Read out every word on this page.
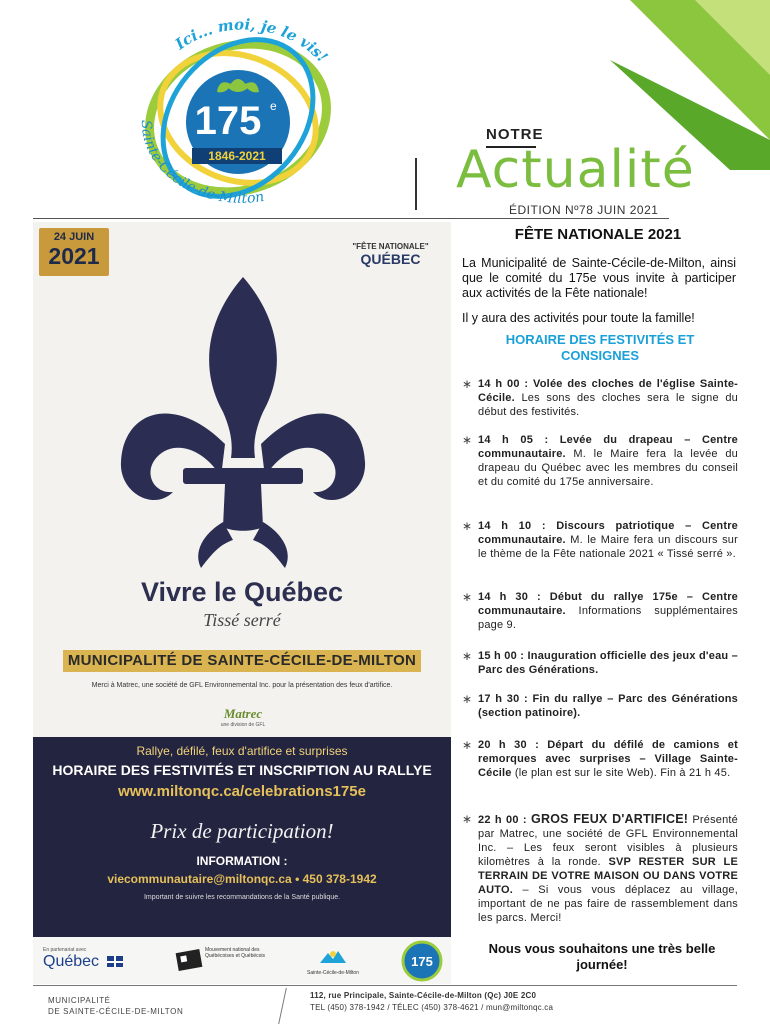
175 e
1846-2021
Ici... moi, je le vis!
Sainte-Cécile-de-Milton
NOTRE
Actualité
ÉDITION Nº78 JUIN 2021
24 JUIN
2021	"FÊTE NATIONALE"
QUÉBEC
Vivre le Québec
Tissé serré
MUNICIPALITÉ DE SAINTE-CÉCILE-DE-MILTON
Merci à Matrec, une société de GFL Environnemental Inc. pour la présentation des feux d'artifice.
Matrec
une division de GFL
Rallye, défilé, feux d'artifice et surprises
HORAIRE DES FESTIVITÉS ET INSCRIPTION AU RALLYE
www.miltonqc.ca/celebrations175e
Prix de participation!
INFORMATION :
viecommunautaire@miltonqc.ca • 450 378-1942
Important de suivre les recommandations de la Santé publique.
En partenariat avec
Québec
Mouvement national des Québécoises et Québécois
Sainte-Cécile-de-Milton
175
FÊTE NATIONALE 2021
La Municipalité de Sainte-Cécile-de-Milton, ainsi que le comité du 175e vous invite à participer aux activités de la Fête nationale!
Il y aura des activités pour toute la famille!
HORAIRE DES FESTIVITÉS ET CONSIGNES
∗ 14 h 00 : Volée des cloches de l'église Sainte-Cécile. Les sons des cloches sera le signe du début des festivités.
∗ 14 h 05 : Levée du drapeau – Centre communautaire. M. le Maire fera la levée du drapeau du Québec avec les membres du conseil et du comité du 175e anniversaire.
∗ 14 h 10 : Discours patriotique – Centre communautaire. M. le Maire fera un discours sur le thème de la Fête nationale 2021 « Tissé serré ».
∗ 14 h 30 : Début du rallye 175e – Centre communautaire. Informations supplémentaires page 9.
∗ 15 h 00 : Inauguration officielle des jeux d'eau – Parc des Générations.
∗ 17 h 30 : Fin du rallye – Parc des Générations (section patinoire).
∗ 20 h 30 : Départ du défilé de camions et remorques avec surprises – Village Sainte-Cécile (le plan est sur le site Web). Fin à 21 h 45.
∗ 22 h 00 : GROS FEUX D'ARTIFICE! Présenté par Matrec, une société de GFL Environnemental Inc. – Les feux seront visibles à plusieurs kilomètres à la ronde. SVP RESTER SUR LE TERRAIN DE VOTRE MAISON OU DANS VOTRE AUTO. – Si vous vous déplacez au village, important de ne pas faire de rassemblement dans les parcs. Merci!
Nous vous souhaitons une très belle journée!
MUNICIPALITÉ
DE SAINTE-CÉCILE-DE-MILTON
112, rue Principale, Sainte-Cécile-de-Milton (Qc) J0E 2C0
TEL (450) 378-1942 / TÉLEC (450) 378-4621 / mun@miltonqc.ca
